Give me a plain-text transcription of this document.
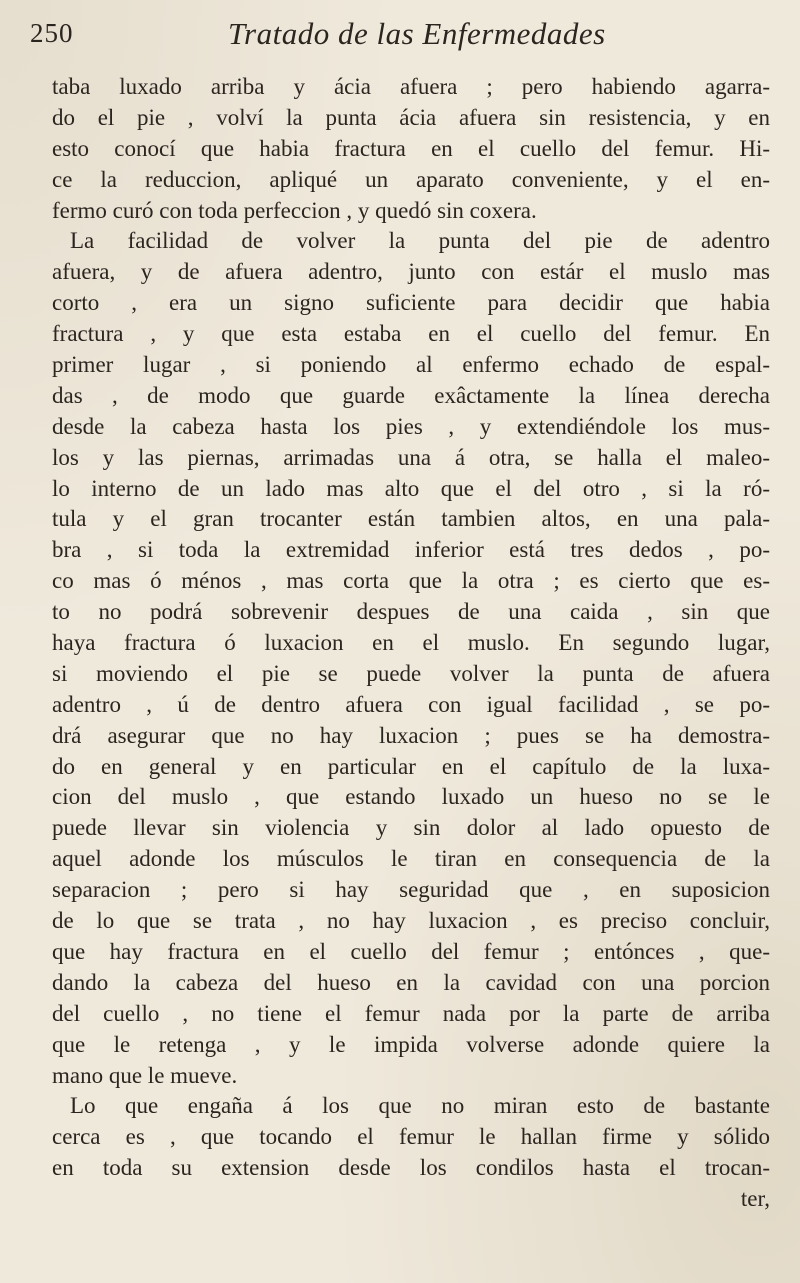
250	Tratado de las Enfermedades
taba luxado arriba y ácia afuera ; pero habiendo agarra-
do el pie , volví la punta ácia afuera sin resistencia, y en
esto conocí que habia fractura en el cuello del femur. Hi-
ce la reduccion, apliqué un aparato conveniente, y el en-
fermo curó con toda perfeccion , y quedó sin coxera.
La facilidad de volver la punta del pie de adentro
afuera, y de afuera adentro, junto con estár el muslo mas
corto , era un signo suficiente para decidir que habia
fractura , y que esta estaba en el cuello del femur. En
primer lugar , si poniendo al enfermo echado de espal-
das , de modo que guarde exâctamente la línea derecha
desde la cabeza hasta los pies , y extendiéndole los mus-
los y las piernas, arrimadas una á otra, se halla el maleo-
lo interno de un lado mas alto que el del otro , si la ró-
tula y el gran trocanter están tambien altos, en una pala-
bra , si toda la extremidad inferior está tres dedos , po-
co mas ó ménos , mas corta que la otra ; es cierto que es-
to no podrá sobrevenir despues de una caida , sin que
haya fractura ó luxacion en el muslo. En segundo lugar,
si moviendo el pie se puede volver la punta de afuera
adentro , ú de dentro afuera con igual facilidad , se po-
drá asegurar que no hay luxacion ; pues se ha demostra-
do en general y en particular en el capítulo de la luxa-
cion del muslo , que estando luxado un hueso no se le
puede llevar sin violencia y sin dolor al lado opuesto de
aquel adonde los músculos le tiran en consequencia de la
separacion ; pero si hay seguridad que , en suposicion
de lo que se trata , no hay luxacion , es preciso concluir,
que hay fractura en el cuello del femur ; entónces , que-
dando la cabeza del hueso en la cavidad con una porcion
del cuello , no tiene el femur nada por la parte de arriba
que le retenga , y le impida volverse adonde quiere la
mano que le mueve.
Lo que engaña á los que no miran esto de bastante
cerca es , que tocando el femur le hallan firme y sólido
en toda su extension desde los condilos hasta el trocan-
ter,
